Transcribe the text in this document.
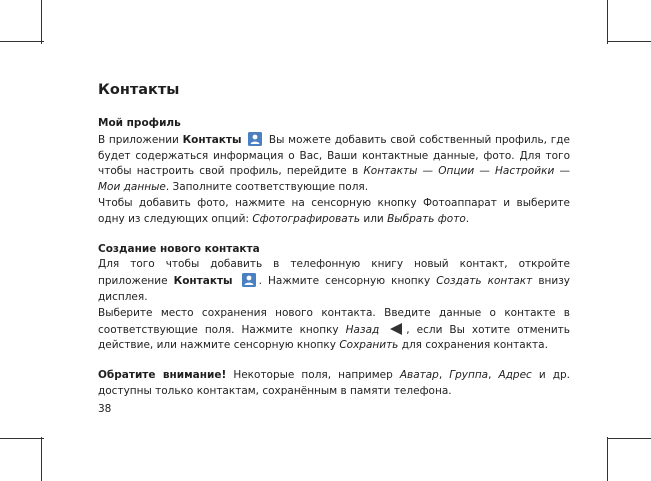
Контакты
Мой профиль

В приложении Контакты  Вы можете добавить свой собственный профиль, где будет содержаться информация о Вас, Ваши контактные данные, фото. Для того чтобы настроить свой профиль, перейдите в Контакты — Опции — Настройки — Мои данные. Заполните соответствующие поля.

Чтобы добавить фото, нажмите на сенсорную кнопку Фотоаппарат и выберите одну из следующих опций: Сфотографировать или Выбрать фото.

Создание нового контакта

Для того чтобы добавить в телефонную книгу новый контакт, откройте приложение Контакты . Нажмите сенсорную кнопку Создать контакт внизу дисплея.

Выберите место сохранения нового контакта. Введите данные о контакте в соответствующие поля. Нажмите кнопку Назад	, если Вы хотите отменить действие, или нажмите сенсорную кнопку Сохранить для сохранения контакта.

Обратите внимание! Некоторые поля, например Аватар, Группа, Адрес и др. доступны только контактам, сохранённым в памяти телефона.

38
